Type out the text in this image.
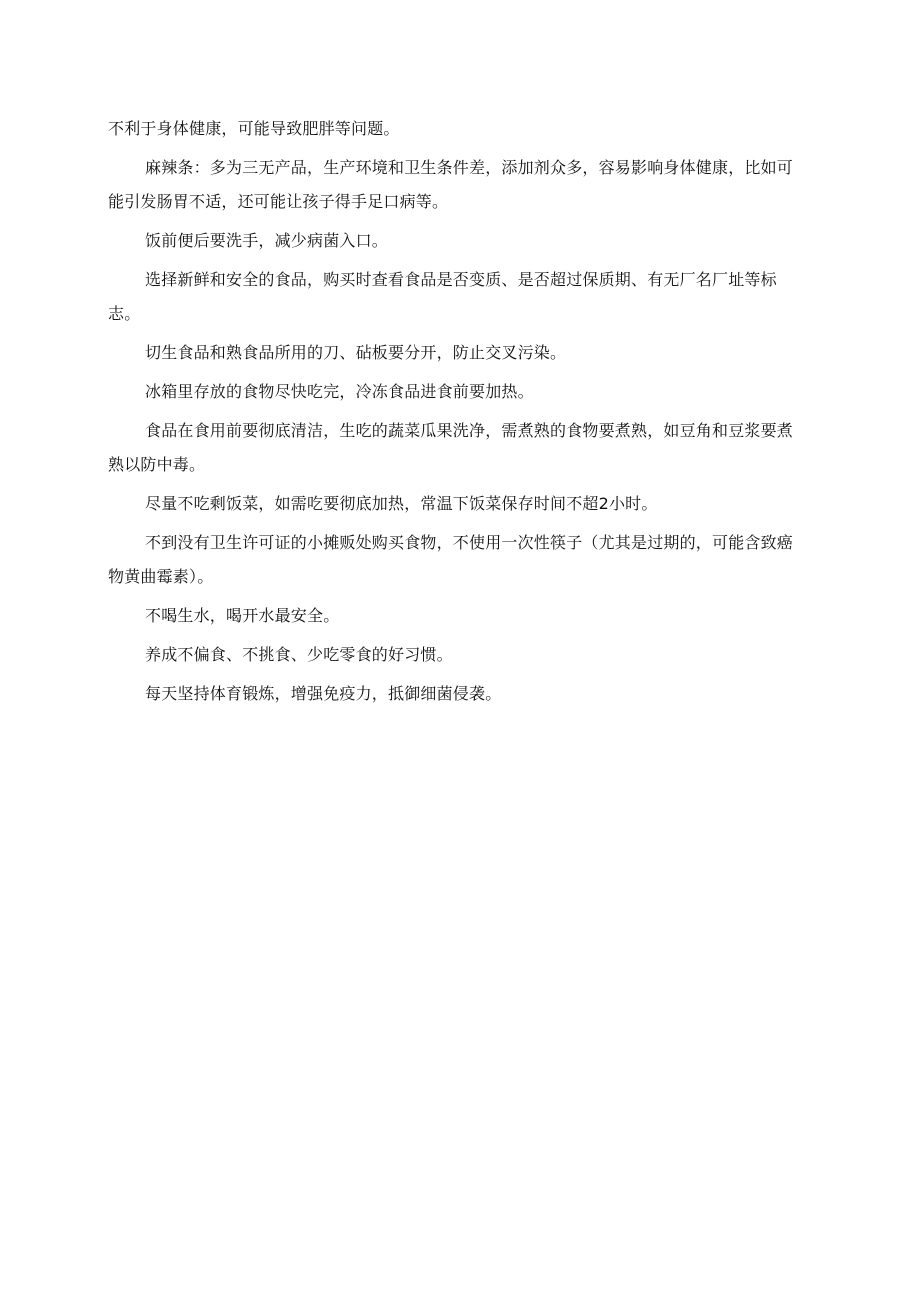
不利于身体健康，可能导致肥胖等问题。

麻辣条：多为三无产品，生产环境和卫生条件差，添加剂众多，容易影响身体健康，比如可能引发肠胃不适，还可能让孩子得手足口病等。

饭前便后要洗手，减少病菌入口。

选择新鲜和安全的食品，购买时查看食品是否变质、是否超过保质期、有无厂名厂址等标志。

切生食品和熟食品所用的刀、砧板要分开，防止交叉污染。

冰箱里存放的食物尽快吃完，冷冻食品进食前要加热。

食品在食用前要彻底清洁，生吃的蔬菜瓜果洗净，需煮熟的食物要煮熟，如豆角和豆浆要煮熟以防中毒。

尽量不吃剩饭菜，如需吃要彻底加热，常温下饭菜保存时间不超2小时。

不到没有卫生许可证的小摊贩处购买食物，不使用一次性筷子（尤其是过期的，可能含致癌物黄曲霉素）。

不喝生水，喝开水最安全。

养成不偏食、不挑食、少吃零食的好习惯。

每天坚持体育锻炼，增强免疫力，抵御细菌侵袭。
